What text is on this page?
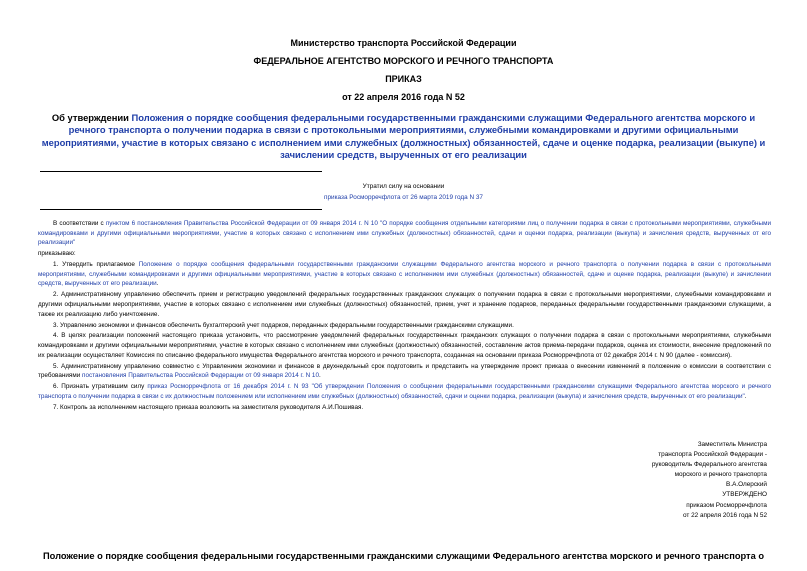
Министерство транспорта Российской Федерации
ФЕДЕРАЛЬНОЕ АГЕНТСТВО МОРСКОГО И РЕЧНОГО ТРАНСПОРТА
ПРИКАЗ
от 22 апреля 2016 года N 52
Об утверждении Положения о порядке сообщения федеральными государственными гражданскими служащими Федерального агентства морского и речного транспорта о получении подарка в связи с протокольными мероприятиями, служебными командировками и другими официальными мероприятиями, участие в которых связано с исполнением ими служебных (должностных) обязанностей, сдаче и оценке подарка, реализации (выкупе) и зачислении средств, вырученных от его реализации
Утратил силу на основании
приказа Росморречфлота от 26 марта 2019 года N 37

В соответствии с пунктом 6 постановления Правительства Российской Федерации от 09 января 2014 г. N 10 "О порядке сообщения отдельными категориями лиц о получении подарка в связи с протокольными мероприятиями, служебными командировками и другими официальными мероприятиями, участие в которых связано с исполнением ими служебных (должностных) обязанностей, сдачи и оценки подарка, реализации (выкупа) и зачисления средств, вырученных от его реализации"

приказываю:

1. Утвердить прилагаемое Положение о порядке сообщения федеральными государственными гражданскими служащими Федерального агентства морского и речного транспорта о получении подарка в связи с протокольными мероприятиями, служебными командировками и другими официальными мероприятиями, участие в которых связано с исполнением ими служебных (должностных) обязанностей, сдаче и оценке подарка, реализации (выкупе) и зачислении средств, вырученных от его реализации.

2. Административному управлению обеспечить прием и регистрацию уведомлений федеральных государственных гражданских служащих о получении подарка в связи с протокольными мероприятиями, служебными командировками и другими официальными мероприятиями, участие в которых связано с исполнением ими служебных (должностных) обязанностей, прием, учет и хранение подарков, переданных федеральными государственными гражданскими служащими, а также их реализацию либо уничтожение.

3. Управлению экономики и финансов обеспечить бухгалтерский учет подарков, переданных федеральными государственными гражданскими служащими.

4. В целях реализации положений настоящего приказа установить, что рассмотрение уведомлений федеральных государственных гражданских служащих о получении подарка в связи с протокольными мероприятиями, служебными командировками и другими официальными мероприятиями, участие в которых связано с исполнением ими служебных (должностных) обязанностей, составление актов приема-передачи подарков, оценка их стоимости, внесение предложений по их реализации осуществляет Комиссия по списанию федерального имущества Федерального агентства морского и речного транспорта, созданная на основании приказа Росморречфлота от 02 декабря 2014 г. N 90 (далее - комиссия).

5. Административному управлению совместно с Управлением экономики и финансов в двухнедельный срок подготовить и представить на утверждение проект приказа о внесении изменений в положение о комиссии в соответствии с требованиями постановления Правительства Российской Федерации от 09 января 2014 г. N 10.

6. Признать утратившим силу приказ Росморречфлота от 16 декабря 2014 г. N 93 "Об утверждении Положения о сообщении федеральными государственными гражданскими служащими Федерального агентства морского и речного транспорта о получении подарка в связи с их должностным положением или исполнением ими служебных (должностных) обязанностей, сдачи и оценки подарка, реализации (выкупа) и зачисления средств, вырученных от его реализации".

7. Контроль за исполнением настоящего приказа возложить на заместителя руководителя А.И.Пошивая.

Заместитель Министра
транспорта Российской Федерации -
руководитель Федерального агентства
морского и речного транспорта
В.А.Олерский
УТВЕРЖДЕНО
приказом Росморречфлота
от 22 апреля 2016 года N 52
Положение о порядке сообщения федеральными государственными гражданскими служащими Федерального агентства морского и речного транспорта о
